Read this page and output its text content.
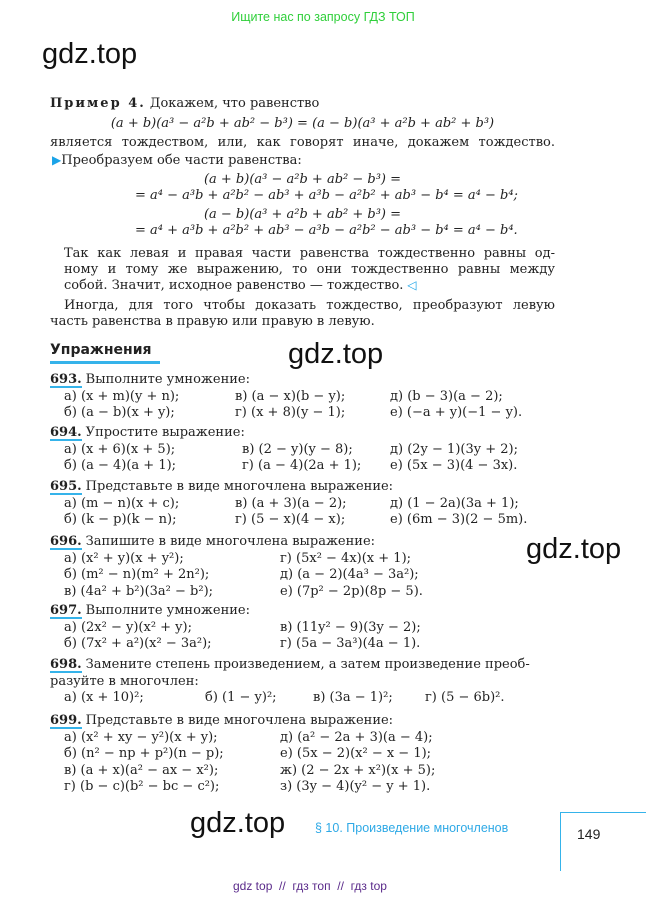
Ищите нас по запросу ГДЗ ТОП
gdz.top
gdz.top
gdz.top
gdz.top
Пример 4. Докажем, что равенство
(a + b)(a³ − a²b + ab² − b³) = (a − b)(a³ + a²b + ab² + b³)
является тождеством, или, как говорят иначе, докажем тождество.
▶Преобразуем обе части равенства:
(a + b)(a³ − a²b + ab² − b³) =
= a⁴ − a³b + a²b² − ab³ + a³b − a²b² + ab³ − b⁴ = a⁴ − b⁴;
(a − b)(a³ + a²b + ab² + b³) =
= a⁴ + a³b + a²b² + ab³ − a³b − a²b² − ab³ − b⁴ = a⁴ − b⁴.
Так как левая и правая части равенства тождественно равны од-
ному и тому же выражению, то они тождественно равны между
собой. Значит, исходное равенство — тождество. ◁
Иногда, для того чтобы доказать тождество, преобразуют левую
часть равенства в правую или правую в левую.
Упражнения
693. Выполните умножение:
а) (x + m)(y + n);	в) (a − x)(b − y);	д) (b − 3)(a − 2);
б) (a − b)(x + y);	г) (x + 8)(y − 1);	е) (−a + y)(−1 − y).
694. Упростите выражение:
а) (x + 6)(x + 5);	в) (2 − y)(y − 8);	д) (2y − 1)(3y + 2);
б) (a − 4)(a + 1);	г) (a − 4)(2a + 1); е) (5x − 3)(4 − 3x).
695. Представьте в виде многочлена выражение:
а) (m − n)(x + c);	в) (a + 3)(a − 2);	д) (1 − 2a)(3a + 1);
б) (k − p)(k − n);	г) (5 − x)(4 − x);	е) (6m − 3)(2 − 5m).
696. Запишите в виде многочлена выражение:
а) (x² + y)(x + y²);	г) (5x² − 4x)(x + 1);
б) (m² − n)(m² + 2n²);	д) (a − 2)(4a³ − 3a²);
в) (4a² + b²)(3a² − b²);	е) (7p² − 2p)(8p − 5).
697. Выполните умножение:
а) (2x² − y)(x² + y);	в) (11y² − 9)(3y − 2);
б) (7x² + a²)(x² − 3a²);	г) (5a − 3a³)(4a − 1).
698. Замените степень произведением, а затем произведение преоб-
разуйте в многочлен:
а) (x + 10)²;	б) (1 − y)²;	в) (3a − 1)²; г) (5 − 6b)².
699. Представьте в виде многочлена выражение:
а) (x² + xy − y²)(x + y);	д) (a² − 2a + 3)(a − 4);
б) (n² − np + p²)(n − p);	е) (5x − 2)(x² − x − 1);
в) (a + x)(a² − ax − x²);	ж) (2 − 2x + x²)(x + 5);
г) (b − c)(b² − bc − c²);	з) (3y − 4)(y² − y + 1).
§ 10. Произведение многочленов	149
gdz top  //  гдз топ  //  гдз top
